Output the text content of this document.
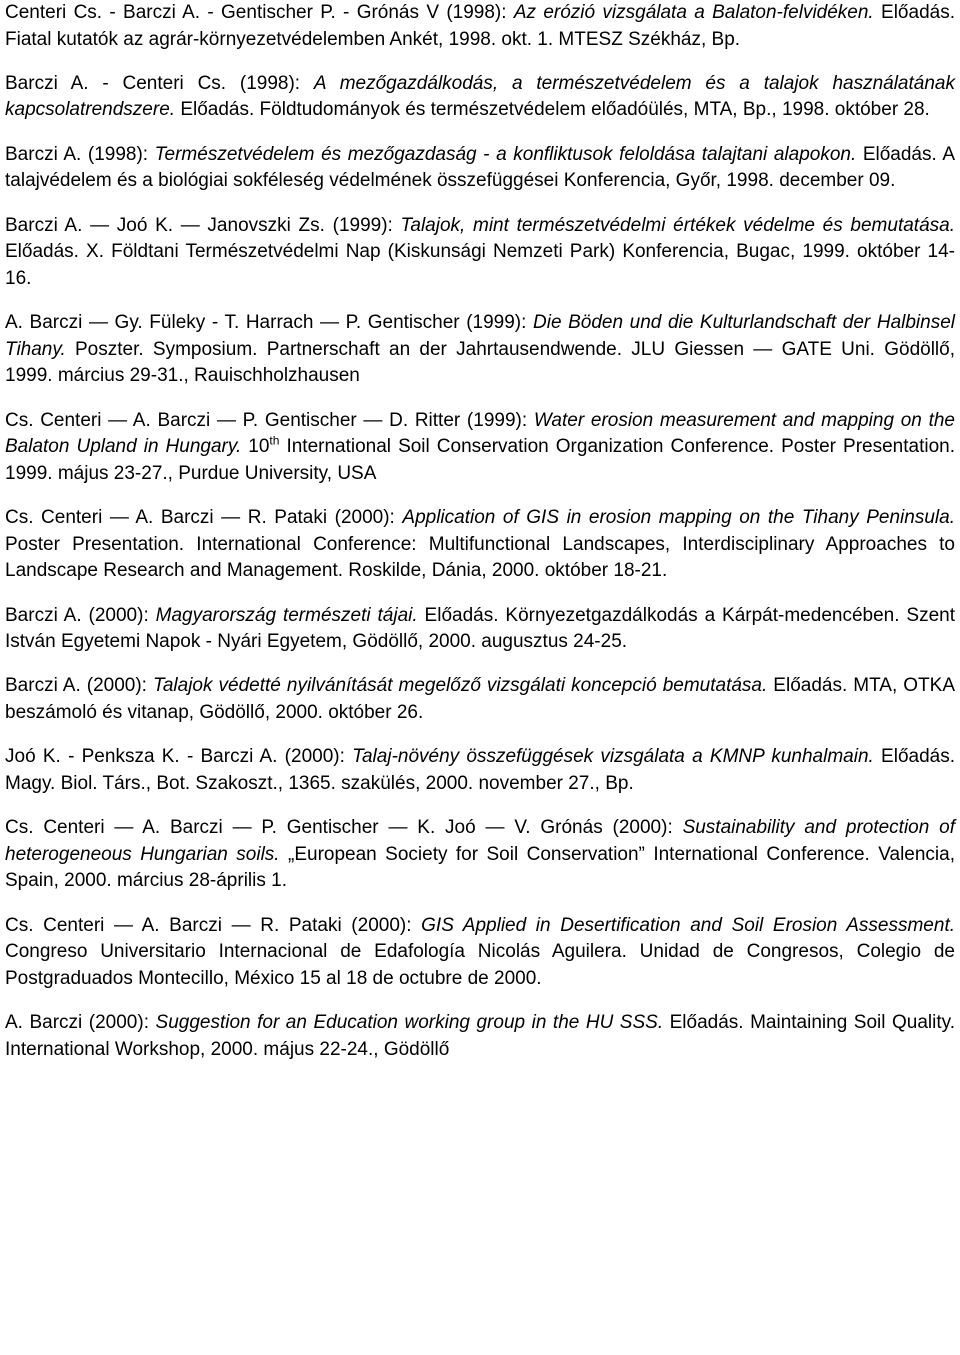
Centeri Cs. - Barczi A. - Gentischer P. - Grónás V (1998): Az erózió vizsgálata a Balaton-felvidéken. Előadás. Fiatal kutatók az agrár-környezetvédelemben Ankét, 1998. okt. 1. MTESZ Székház, Bp.

Barczi A. - Centeri Cs. (1998): A mezőgazdálkodás, a természetvédelem és a talajok használatának kapcsolatrendszere. Előadás. Földtudományok és természetvédelem előadóülés, MTA, Bp., 1998. október 28.

Barczi A. (1998): Természetvédelem és mezőgazdaság - a konfliktusok feloldása talajtani alapokon. Előadás. A talajvédelem és a biológiai sokféleség védelmének összefüggései Konferencia, Győr, 1998. december 09.

Barczi A. ― Joó K. ― Janovszki Zs. (1999): Talajok, mint természetvédelmi értékek védelme és bemutatása. Előadás. X. Földtani Természetvédelmi Nap (Kiskunsági Nemzeti Park) Konferencia, Bugac, 1999. október 14-16.

A. Barczi ― Gy. Füleky - T. Harrach ― P. Gentischer (1999): Die Böden und die Kulturlandschaft der Halbinsel Tihany. Poszter. Symposium. Partnerschaft an der Jahrtausendwende. JLU Giessen ― GATE Uni. Gödöllő, 1999. március 29-31., Rauischholzhausen

Cs. Centeri ― A. Barczi ― P. Gentischer ― D. Ritter (1999): Water erosion measurement and mapping on the Balaton Upland in Hungary. 10th International Soil Conservation Organization Conference. Poster Presentation. 1999. május 23-27., Purdue University, USA

Cs. Centeri ― A. Barczi ― R. Pataki (2000): Application of GIS in erosion mapping on the Tihany Peninsula. Poster Presentation. International Conference: Multifunctional Landscapes, Interdisciplinary Approaches to Landscape Research and Management. Roskilde, Dánia, 2000. október 18-21.

Barczi A. (2000): Magyarország természeti tájai. Előadás. Környezetgazdálkodás a Kárpát-medencében. Szent István Egyetemi Napok - Nyári Egyetem, Gödöllő, 2000. augusztus 24-25.

Barczi A. (2000): Talajok védetté nyilvánítását megelőző vizsgálati koncepció bemutatása. Előadás. MTA, OTKA beszámoló és vitanap, Gödöllő, 2000. október 26.

Joó K. - Penksza K. - Barczi A. (2000): Talaj-növény összefüggések vizsgálata a KMNP kunhalmain. Előadás. Magy. Biol. Társ., Bot. Szakoszt., 1365. szakülés, 2000. november 27., Bp.

Cs. Centeri ― A. Barczi ― P. Gentischer ― K. Joó ― V. Grónás (2000): Sustainability and protection of heterogeneous Hungarian soils. „European Society for Soil Conservation” International Conference. Valencia, Spain, 2000. március 28-április 1.

Cs. Centeri ― A. Barczi ― R. Pataki (2000): GIS Applied in Desertification and Soil Erosion Assessment. Congreso Universitario Internacional de Edafología Nicolás Aguilera. Unidad de Congresos, Colegio de Postgraduados Montecillo, México 15 al 18 de octubre de 2000.

A. Barczi (2000): Suggestion for an Education working group in the HU SSS. Előadás. Maintaining Soil Quality. International Workshop, 2000. május 22-24., Gödöllő
